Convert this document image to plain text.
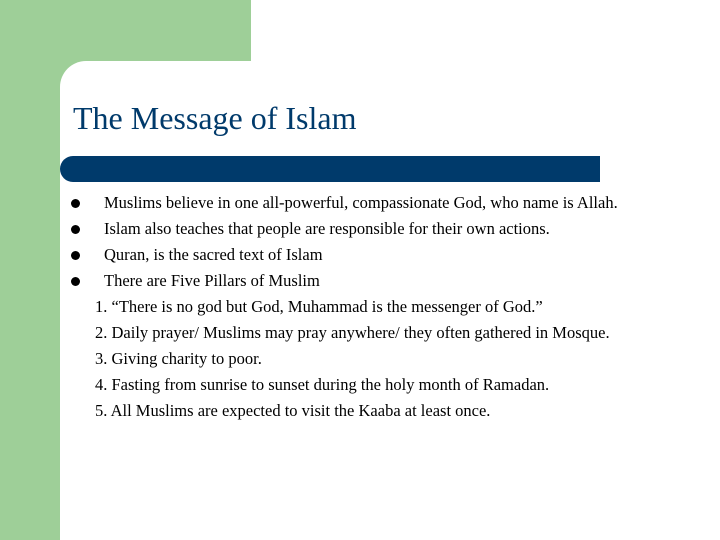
The Message of Islam
Muslims believe in one all-powerful, compassionate God, who name is Allah.
Islam also teaches that people are responsible for their own actions.
Quran, is the sacred text of Islam
There are Five Pillars of Muslim
1. “There is no god but God, Muhammad is the messenger of God.”
2. Daily prayer/ Muslims may pray anywhere/ they often gathered in Mosque.
3. Giving charity to poor.
4. Fasting from sunrise to sunset during the holy month of Ramadan.
5. All Muslims are expected to visit the Kaaba at least once.
